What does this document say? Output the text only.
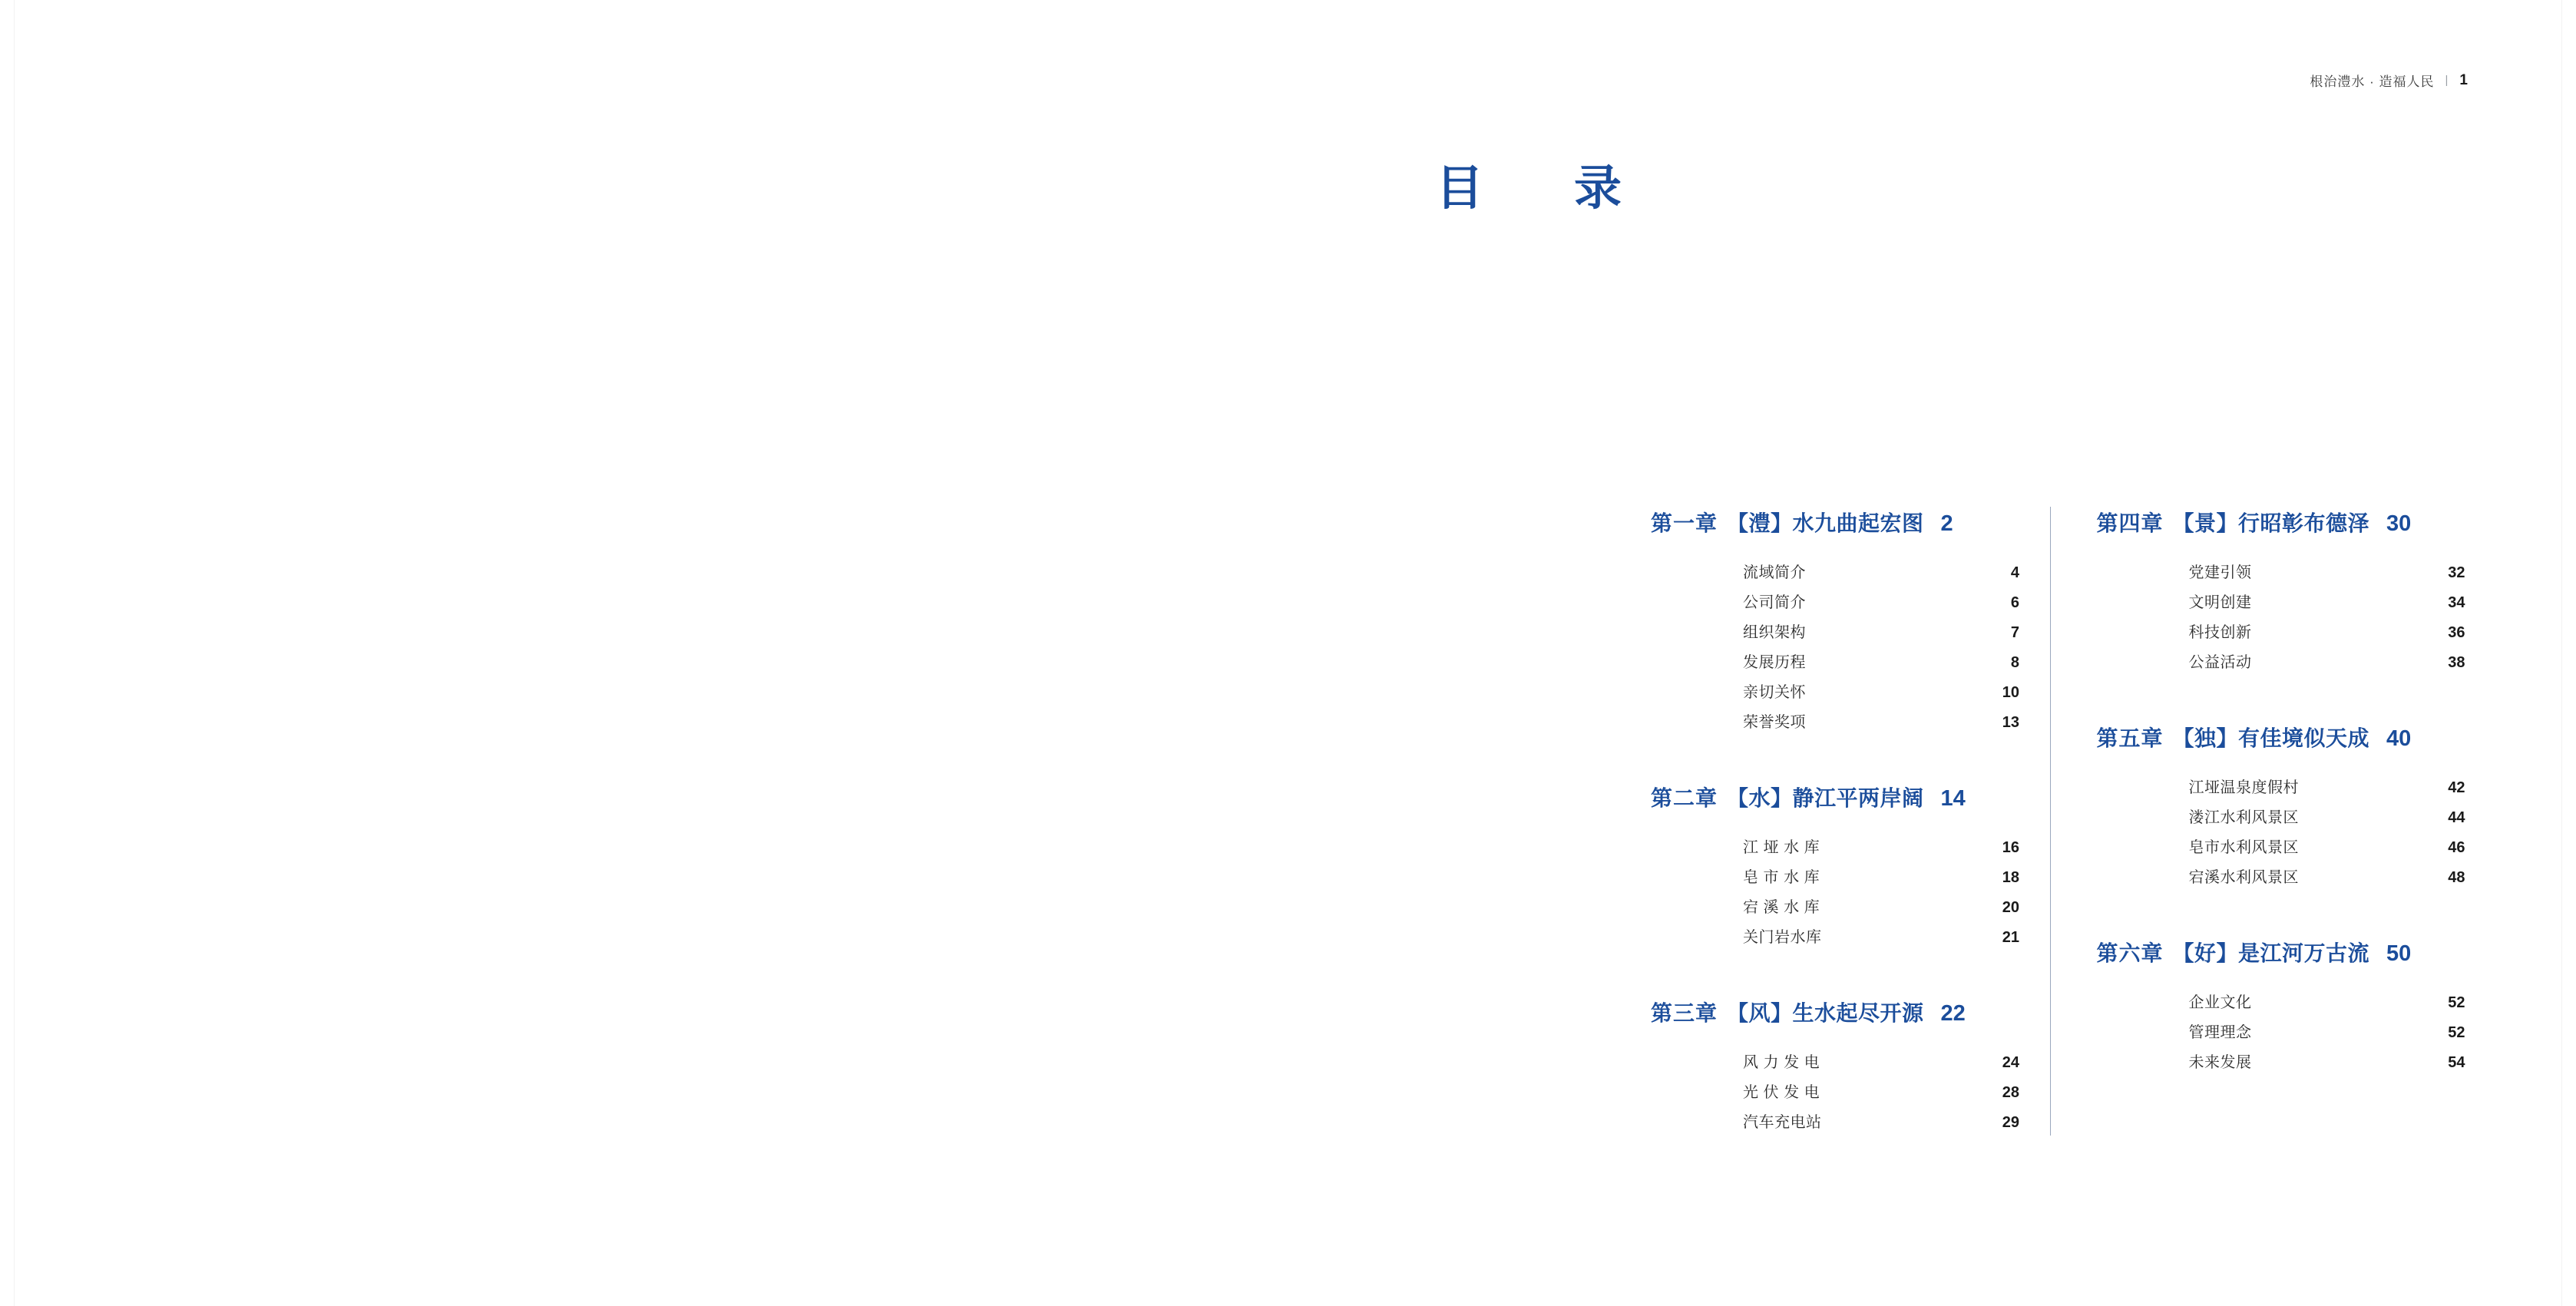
根治澧水 · 造福人民 | 1
目　录
第一章 【澧】水九曲起宏图 2
流域简介	4
公司简介	6
组织架构	7
发展历程	8
亲切关怀	10
荣誉奖项	13
第二章 【水】静江平两岸阔 14
江 垭 水 库	16
皂 市 水 库	18
宕 溪 水 库	20
关门岩水库	21
第三章 【风】生水起尽开源 22
风 力 发 电	24
光 伏 发 电	28
汽车充电站	29
第四章 【景】行昭彰布德泽 30
党建引领	32
文明创建	34
科技创新	36
公益活动	38
第五章 【独】有佳境似天成 40
江垭温泉度假村	42
溇江水利风景区	44
皂市水利风景区	46
宕溪水利风景区	48
第六章 【好】是江河万古流 50
企业文化	52
管理理念	52
未来发展	54
